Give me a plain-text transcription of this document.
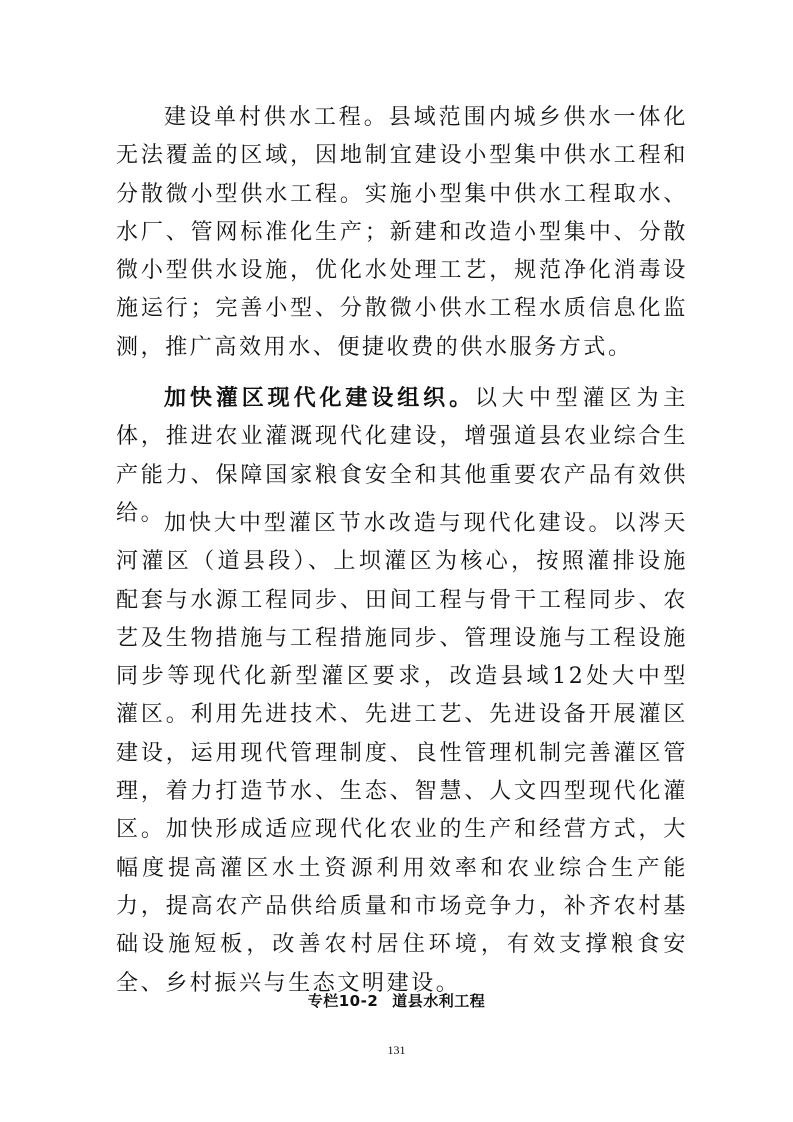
建设单村供水工程。县域范围内城乡供水一体化无法覆盖的区域，因地制宜建设小型集中供水工程和分散微小型供水工程。实施小型集中供水工程取水、水厂、管网标准化生产；新建和改造小型集中、分散微小型供水设施，优化水处理工艺，规范净化消毒设施运行；完善小型、分散微小供水工程水质信息化监测，推广高效用水、便捷收费的供水服务方式。

加快灌区现代化建设组织。以大中型灌区为主体，推进农业灌溉现代化建设，增强道县农业综合生产能力、保障国家粮食安全和其他重要农产品有效供给。

加快大中型灌区节水改造与现代化建设。以涔天河灌区（道县段）、上坝灌区为核心，按照灌排设施配套与水源工程同步、田间工程与骨干工程同步、农艺及生物措施与工程措施同步、管理设施与工程设施同步等现代化新型灌区要求，改造县域12处大中型灌区。利用先进技术、先进工艺、先进设备开展灌区建设，运用现代管理制度、良性管理机制完善灌区管理，着力打造节水、生态、智慧、人文四型现代化灌区。加快形成适应现代化农业的生产和经营方式，大幅度提高灌区水土资源利用效率和农业综合生产能力，提高农产品供给质量和市场竞争力，补齐农村基础设施短板，改善农村居住环境，有效支撑粮食安全、乡村振兴与生态文明建设。

专栏10-2 道县水利工程

131
